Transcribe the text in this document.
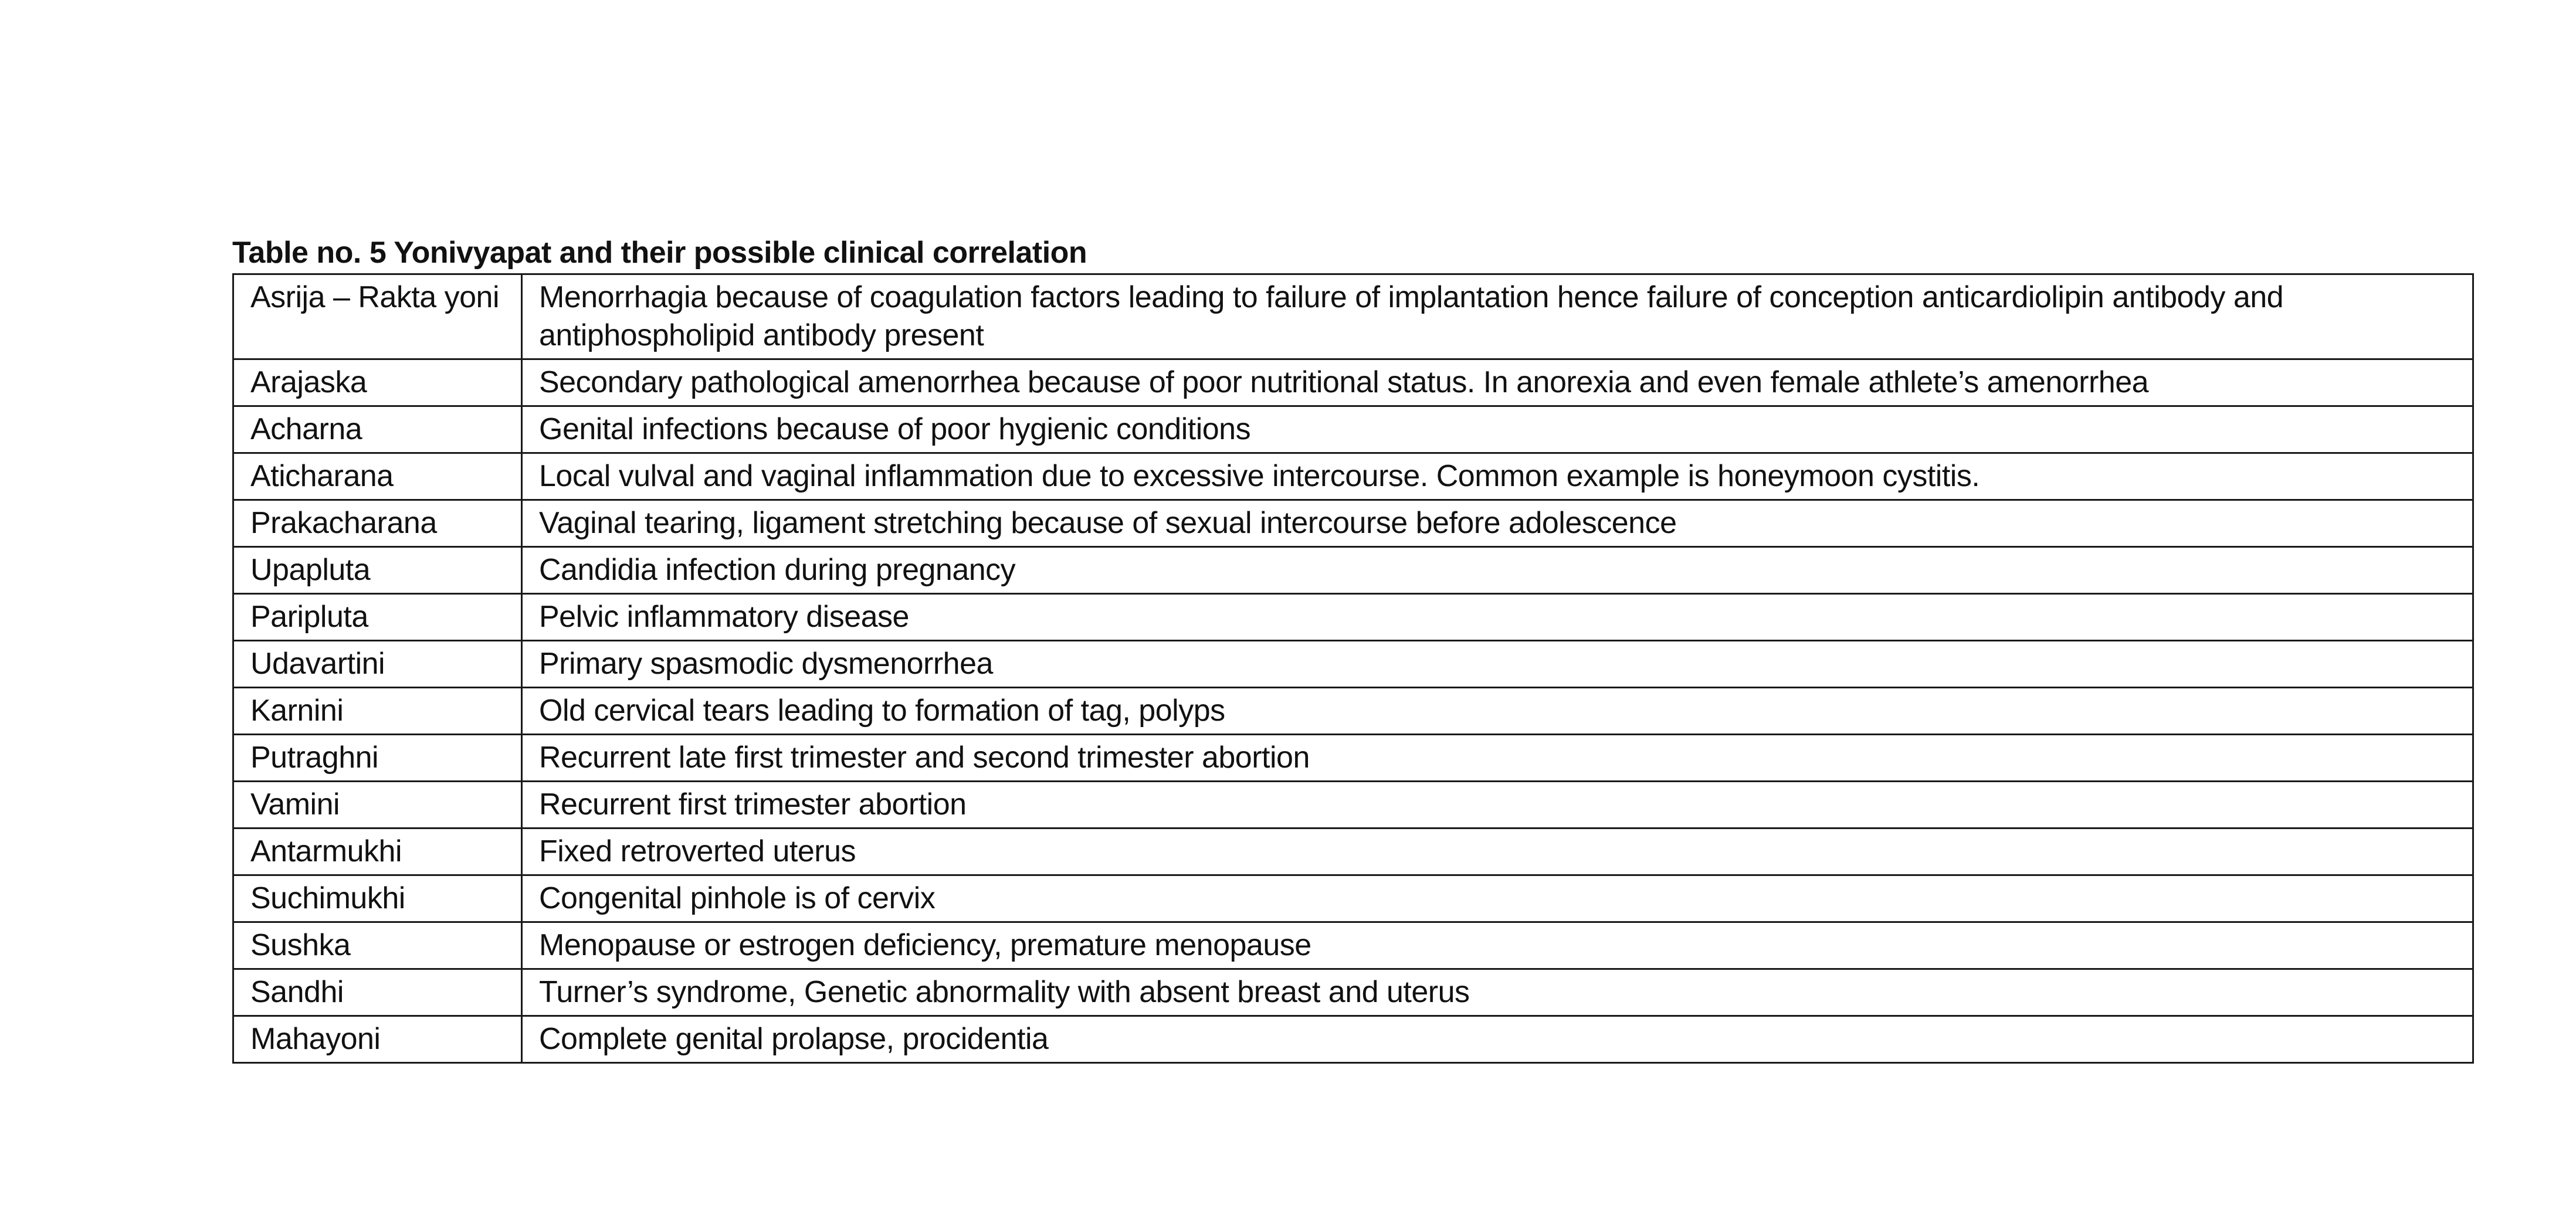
Table no. 5 Yonivyapat and their possible clinical correlation
Asrija – Rakta yoni	Menorrhagia because of coagulation factors leading to failure of implantation hence failure of conception anticardiolipin antibody and antiphospholipid antibody present
Arajaska	Secondary pathological amenorrhea because of poor nutritional status. In anorexia and even female athlete’s amenorrhea
Acharna	Genital infections because of poor hygienic conditions
Aticharana	Local vulval and vaginal inflammation due to excessive intercourse. Common example is honeymoon cystitis.
Prakacharana	Vaginal tearing, ligament stretching because of sexual intercourse before adolescence
Upapluta	Candidia infection during pregnancy
Paripluta	Pelvic inflammatory disease
Udavartini	Primary spasmodic dysmenorrhea
Karnini	Old cervical tears leading to formation of tag, polyps
Putraghni	Recurrent late first trimester and second trimester abortion
Vamini	Recurrent first trimester abortion
Antarmukhi	Fixed retroverted uterus
Suchimukhi	Congenital pinhole is of cervix
Sushka	Menopause or estrogen deficiency, premature menopause
Sandhi	Turner’s syndrome, Genetic abnormality with absent breast and uterus
Mahayoni	Complete genital prolapse, procidentia
